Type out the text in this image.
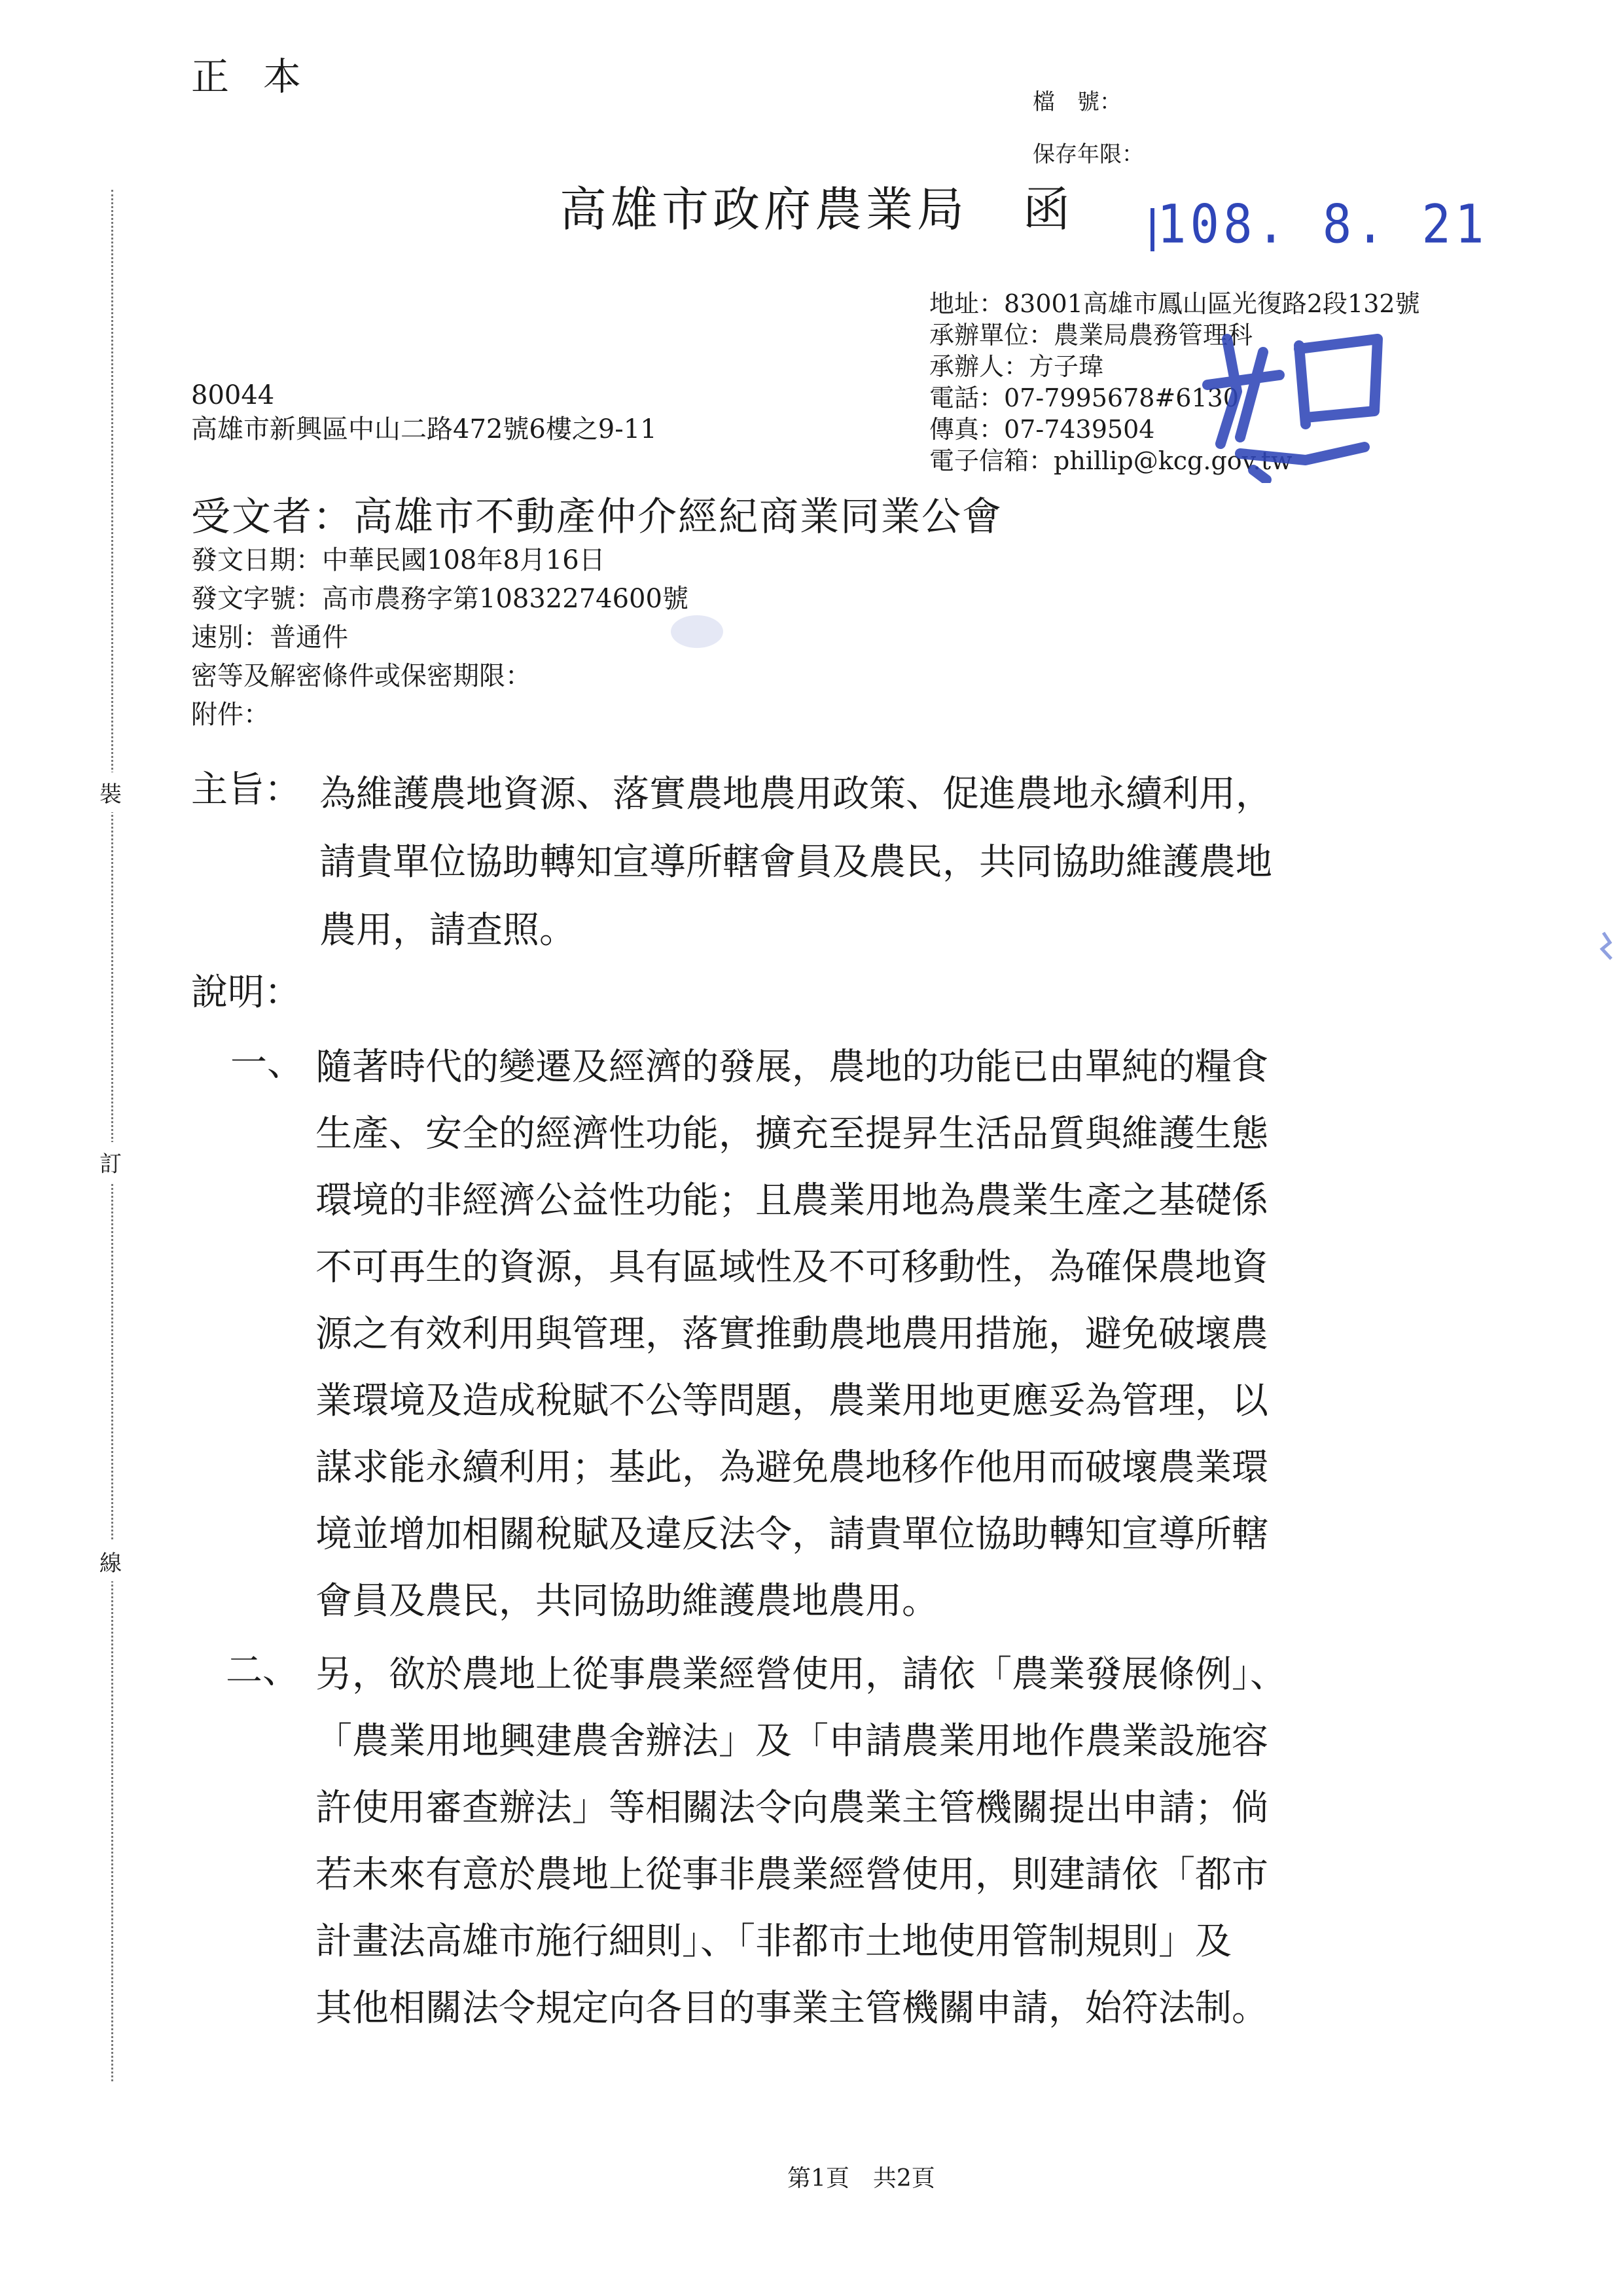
正本
檔　號：
保存年限：
高雄市政府農業局 函 108. 8. 21
地址：83001高雄市鳳山區光復路2段132號
承辦單位：農業局農務管理科
承辦人：方子瑋
電話：07-7995678#6130
傳真：07-7439504
電子信箱：phillip@kcg.gov.tw
80044
高雄市新興區中山二路472號6樓之9-11
受文者：高雄市不動產仲介經紀商業同業公會
發文日期：中華民國108年8月16日
發文字號：高市農務字第10832274600號
速別：普通件
密等及解密條件或保密期限：
附件：
裝
訂
線
主旨： 為維護農地資源、落實農地農用政策、促進農地永續利用，
請貴單位協助轉知宣導所轄會員及農民，共同協助維護農地
農用，請查照。
說明：
一、 隨著時代的變遷及經濟的發展，農地的功能已由單純的糧食
生產、安全的經濟性功能，擴充至提昇生活品質與維護生態
環境的非經濟公益性功能；且農業用地為農業生產之基礎係
不可再生的資源，具有區域性及不可移動性，為確保農地資
源之有效利用與管理，落實推動農地農用措施，避免破壞農
業環境及造成稅賦不公等問題，農業用地更應妥為管理，以
謀求能永續利用；基此，為避免農地移作他用而破壞農業環
境並增加相關稅賦及違反法令，請貴單位協助轉知宣導所轄
會員及農民，共同協助維護農地農用。
二、 另，欲於農地上從事農業經營使用，請依「農業發展條例」、
「農業用地興建農舍辦法」及「申請農業用地作農業設施容
許使用審查辦法」等相關法令向農業主管機關提出申請；倘
若未來有意於農地上從事非農業經營使用，則建請依「都市
計畫法高雄市施行細則」、「非都市土地使用管制規則」及
其他相關法令規定向各目的事業主管機關申請，始符法制。
第1頁　共2頁
